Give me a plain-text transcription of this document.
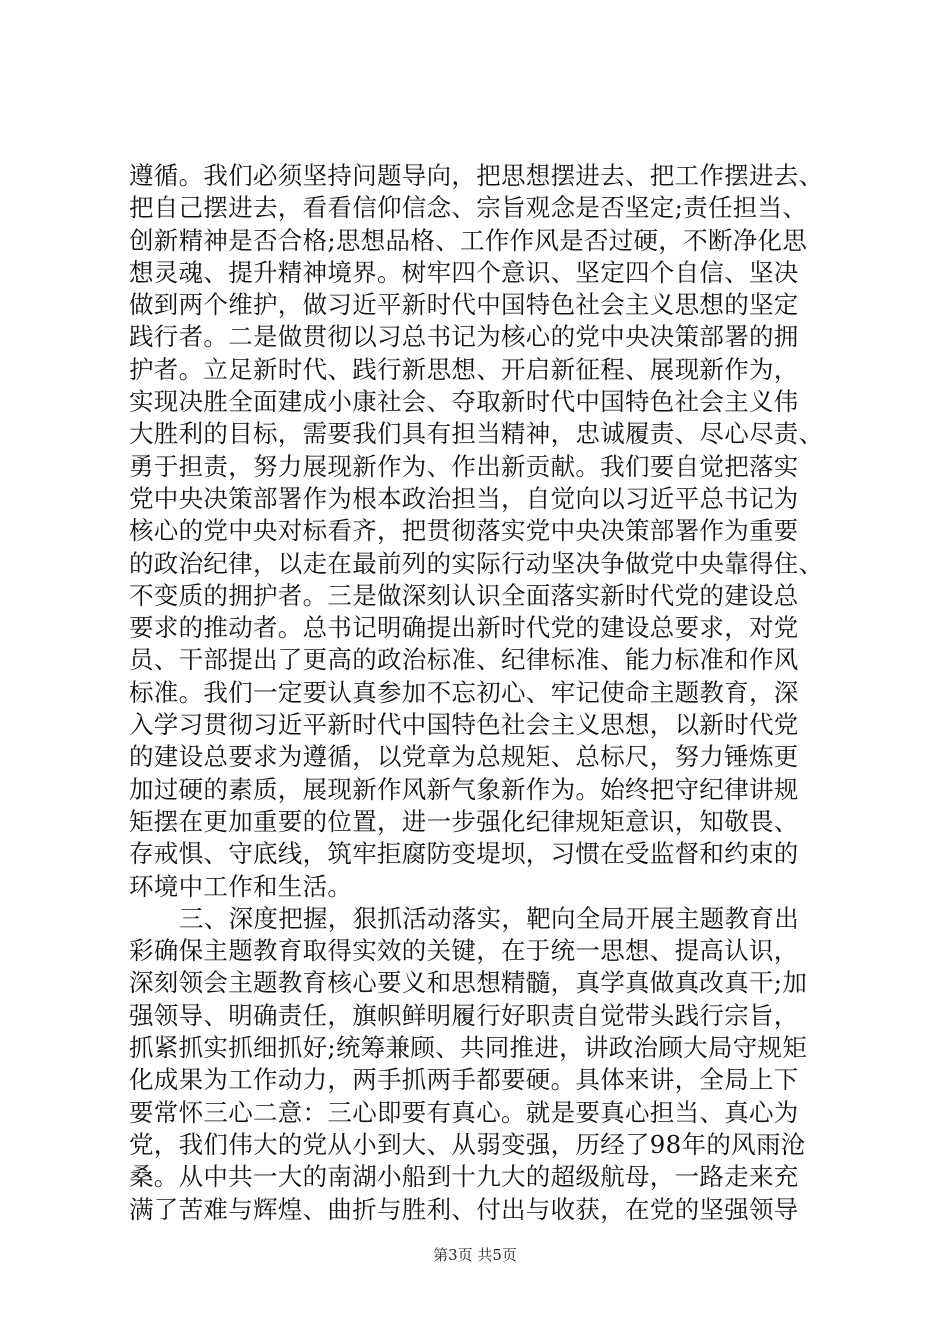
遵循。我们必须坚持问题导向，把思想摆进去、把工作摆进去、
把自己摆进去，看看信仰信念、宗旨观念是否坚定;责任担当、
创新精神是否合格;思想品格、工作作风是否过硬，不断净化思
想灵魂、提升精神境界。树牢四个意识、坚定四个自信、坚决
做到两个维护，做习近平新时代中国特色社会主义思想的坚定
践行者。二是做贯彻以习总书记为核心的党中央决策部署的拥
护者。立足新时代、践行新思想、开启新征程、展现新作为，
实现决胜全面建成小康社会、夺取新时代中国特色社会主义伟
大胜利的目标，需要我们具有担当精神，忠诚履责、尽心尽责、
勇于担责，努力展现新作为、作出新贡献。我们要自觉把落实
党中央决策部署作为根本政治担当，自觉向以习近平总书记为
核心的党中央对标看齐，把贯彻落实党中央决策部署作为重要
的政治纪律，以走在最前列的实际行动坚决争做党中央靠得住、
不变质的拥护者。三是做深刻认识全面落实新时代党的建设总
要求的推动者。总书记明确提出新时代党的建设总要求，对党
员、干部提出了更高的政治标准、纪律标准、能力标准和作风
标准。我们一定要认真参加不忘初心、牢记使命主题教育，深
入学习贯彻习近平新时代中国特色社会主义思想，以新时代党
的建设总要求为遵循，以党章为总规矩、总标尺，努力锤炼更
加过硬的素质，展现新作风新气象新作为。始终把守纪律讲规
矩摆在更加重要的位置，进一步强化纪律规矩意识，知敬畏、
存戒惧、守底线，筑牢拒腐防变堤坝，习惯在受监督和约束的
环境中工作和生活。
三、深度把握，狠抓活动落实，靶向全局开展主题教育出
彩确保主题教育取得实效的关键，在于统一思想、提高认识，
深刻领会主题教育核心要义和思想精髓，真学真做真改真干;加
强领导、明确责任，旗帜鲜明履行好职责自觉带头践行宗旨，
抓紧抓实抓细抓好;统筹兼顾、共同推进，讲政治顾大局守规矩
化成果为工作动力，两手抓两手都要硬。具体来讲，全局上下
要常怀三心二意：三心即要有真心。就是要真心担当、真心为
党，我们伟大的党从小到大、从弱变强，历经了98年的风雨沧
桑。从中共一大的南湖小船到十九大的超级航母，一路走来充
满了苦难与辉煌、曲折与胜利、付出与收获，在党的坚强领导
第3页 共5页
